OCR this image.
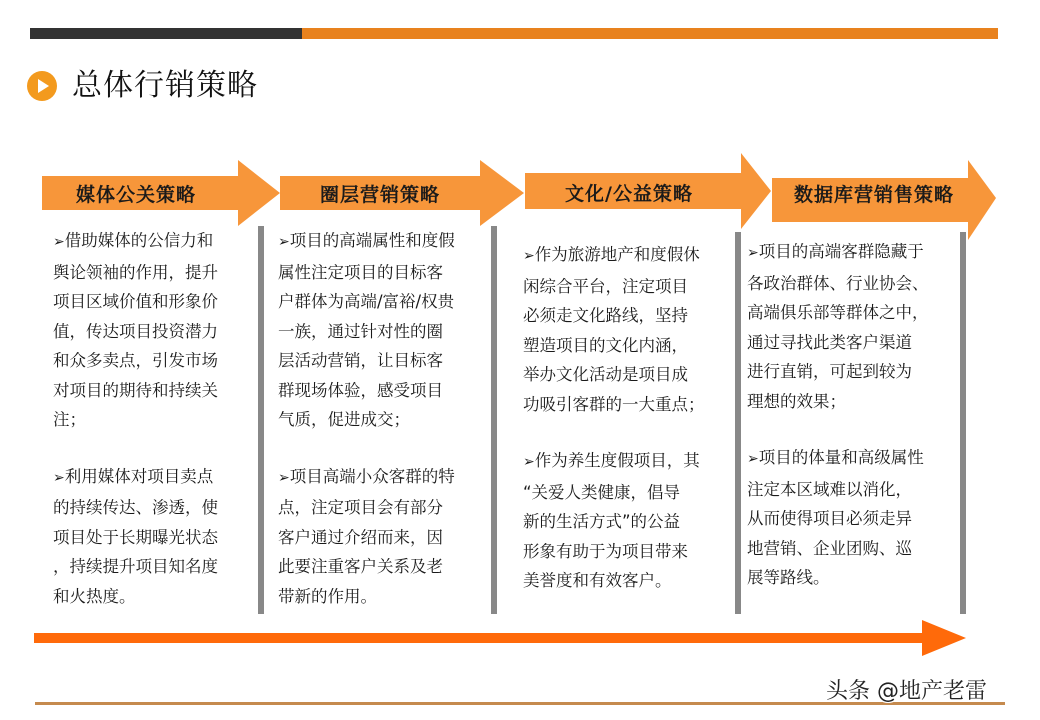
总体行销策略
媒体公关策略	圈层营销策略	文化/公益策略	数据库营销售策略

➢借助媒体的公信力和
舆论领袖的作用，提升
项目区域价值和形象价
值，传达项目投资潜力
和众多卖点，引发市场
对项目的期待和持续关
注；

➢利用媒体对项目卖点
的持续传达、渗透，使
项目处于长期曝光状态
，持续提升项目知名度
和火热度。

➢项目的高端属性和度假
属性注定项目的目标客
户群体为高端/富裕/权贵
一族，通过针对性的圈
层活动营销，让目标客
群现场体验，感受项目
气质，促进成交；

➢项目高端小众客群的特
点，注定项目会有部分
客户通过介绍而来，因
此要注重客户关系及老
带新的作用。

➢作为旅游地产和度假休
闲综合平台，注定项目
必须走文化路线，坚持
塑造项目的文化内涵，
举办文化活动是项目成
功吸引客群的一大重点；

➢作为养生度假项目，其
“关爱人类健康，倡导
新的生活方式”的公益
形象有助于为项目带来
美誉度和有效客户。

➢项目的高端客群隐藏于
各政治群体、行业协会、
高端俱乐部等群体之中，
通过寻找此类客户渠道
进行直销，可起到较为
理想的效果；

➢项目的体量和高级属性
注定本区域难以消化，
从而使得项目必须走异
地营销、企业团购、巡
展等路线。

头条 @地产老雷
